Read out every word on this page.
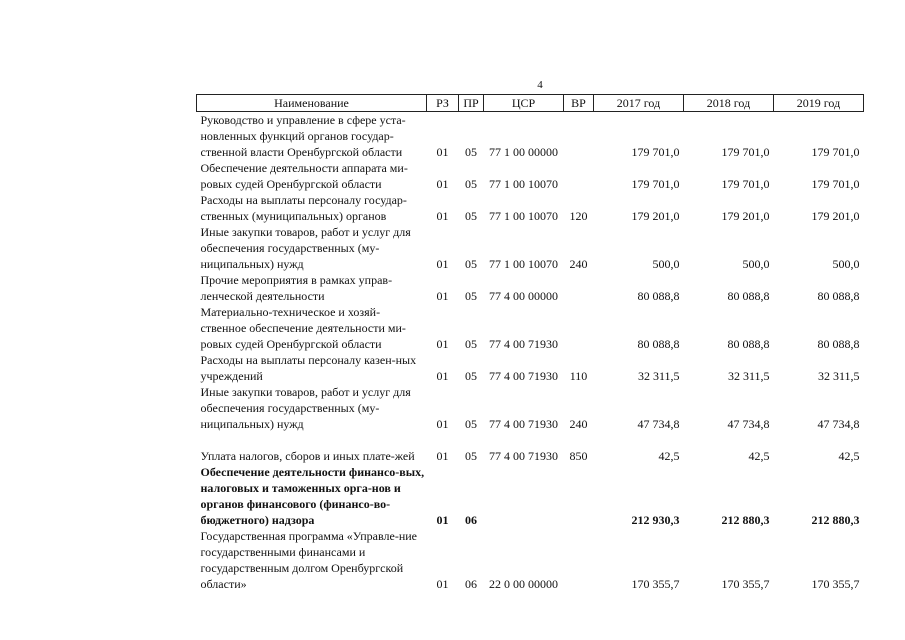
4
Наименование	РЗ	ПР	ЦСР	ВР	2017 год	2018 год	2019 год
Руководство и управление в сфере уста-новленных функций органов государ-ственной власти Оренбургской области	01	05	77 1 00 00000		179 701,0	179 701,0	179 701,0
Обеспечение деятельности аппарата ми-ровых судей Оренбургской области	01	05	77 1 00 10070		179 701,0	179 701,0	179 701,0
Расходы на выплаты персоналу государ-ственных (муниципальных) органов	01	05	77 1 00 10070	120	179 201,0	179 201,0	179 201,0
Иные закупки товаров, работ и услуг для обеспечения государственных (му-ниципальных) нужд	01	05	77 1 00 10070	240	500,0	500,0	500,0
Прочие мероприятия в рамках управ-ленческой деятельности	01	05	77 4 00 00000		80 088,8	80 088,8	80 088,8
Материально-техническое и хозяй-ственное обеспечение деятельности ми-ровых судей Оренбургской области	01	05	77 4 00 71930		80 088,8	80 088,8	80 088,8
Расходы на выплаты персоналу казен-ных учреждений	01	05	77 4 00 71930	110	32 311,5	32 311,5	32 311,5
Иные закупки товаров, работ и услуг для обеспечения государственных (му-ниципальных) нужд	01	05	77 4 00 71930	240	47 734,8	47 734,8	47 734,8
Уплата налогов, сборов и иных плате-жей	01	05	77 4 00 71930	850	42,5	42,5	42,5
Обеспечение деятельности финансо-вых, налоговых и таможенных орга-нов и органов финансового (финансо-во-бюджетного) надзора	01	06			212 930,3	212 880,3	212 880,3
Государственная программа «Управле-ние государственными финансами и государственным долгом Оренбургской области»	01	06	22 0 00 00000		170 355,7	170 355,7	170 355,7
